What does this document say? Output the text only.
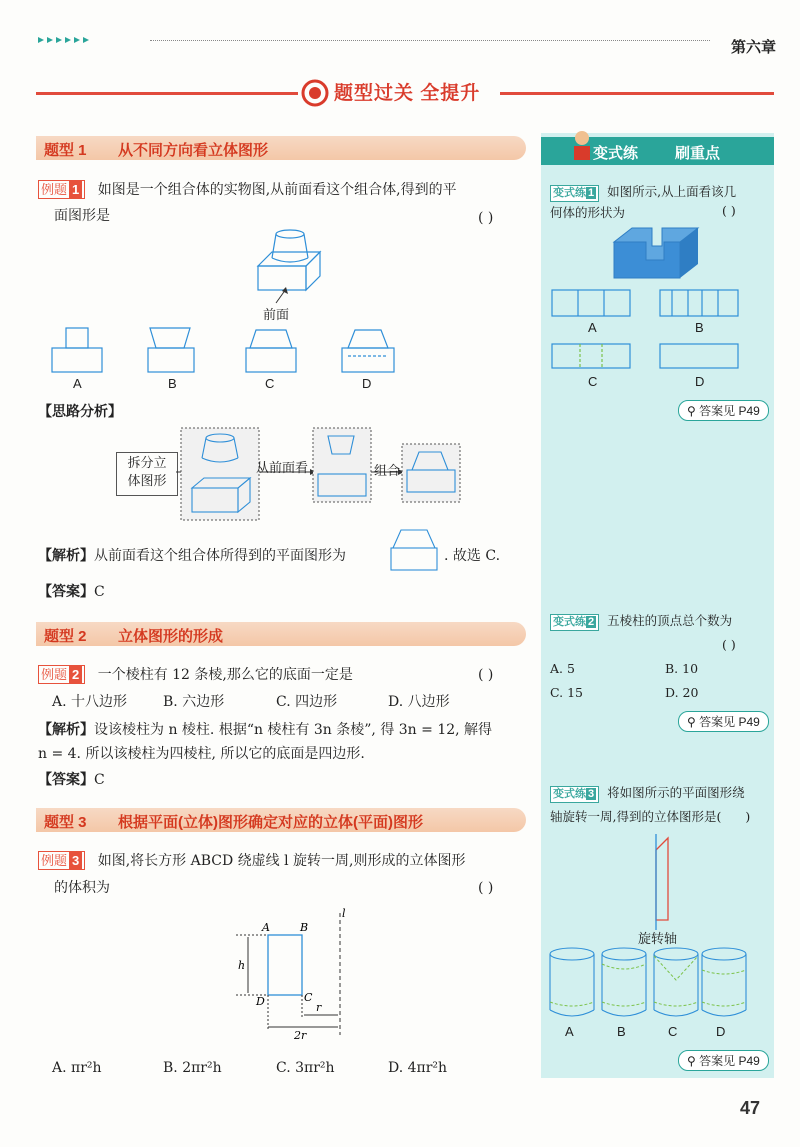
第六章
题型过关 全提升
题型 1 从不同方向看立体图形
例题 1 如图是一个组合体的实物图,从前面看这个组合体,得到的平
面图形是	( )
前面
A	B	C	D
【思路分析】
拆分立
体图形
从前面看	组合
【解析】从前面看这个组合体所得到的平面图形为	. 故选 C.
【答案】C
题型 2 立体图形的形成
例题 2 一个棱柱有 12 条棱,那么它的底面一定是	( )
A. 十八边形	B. 六边形	C. 四边形	D. 八边形
【解析】设该棱柱为 n 棱柱. 根据“n 棱柱有 3n 条棱”, 得 3n = 12, 解得
n = 4. 所以该棱柱为四棱柱, 所以它的底面是四边形.
【答案】C
题型 3 根据平面(立体)图形确定对应的立体(平面)图形
例题 3 如图,将长方形 ABCD 绕虚线 l 旋转一周,则形成的立体图形
的体积为	( )
A	B
C
D
l
h
r
2r
A. πr²h	B. 2πr²h	C. 3πr²h	D. 4πr²h
变式练 刷重点
变式练 1 如图所示,从上面看该几
何体的形状为	( )
A	B
C	D
⚲ 答案见 P49
变式练 2 五棱柱的顶点总个数为
( )
A. 5	B. 10
C. 15	D. 20
⚲ 答案见 P49
变式练 3 将如图所示的平面图形绕
轴旋转一周,得到的立体图形是( )
旋转轴
A	B	C	D
⚲ 答案见 P49
47
